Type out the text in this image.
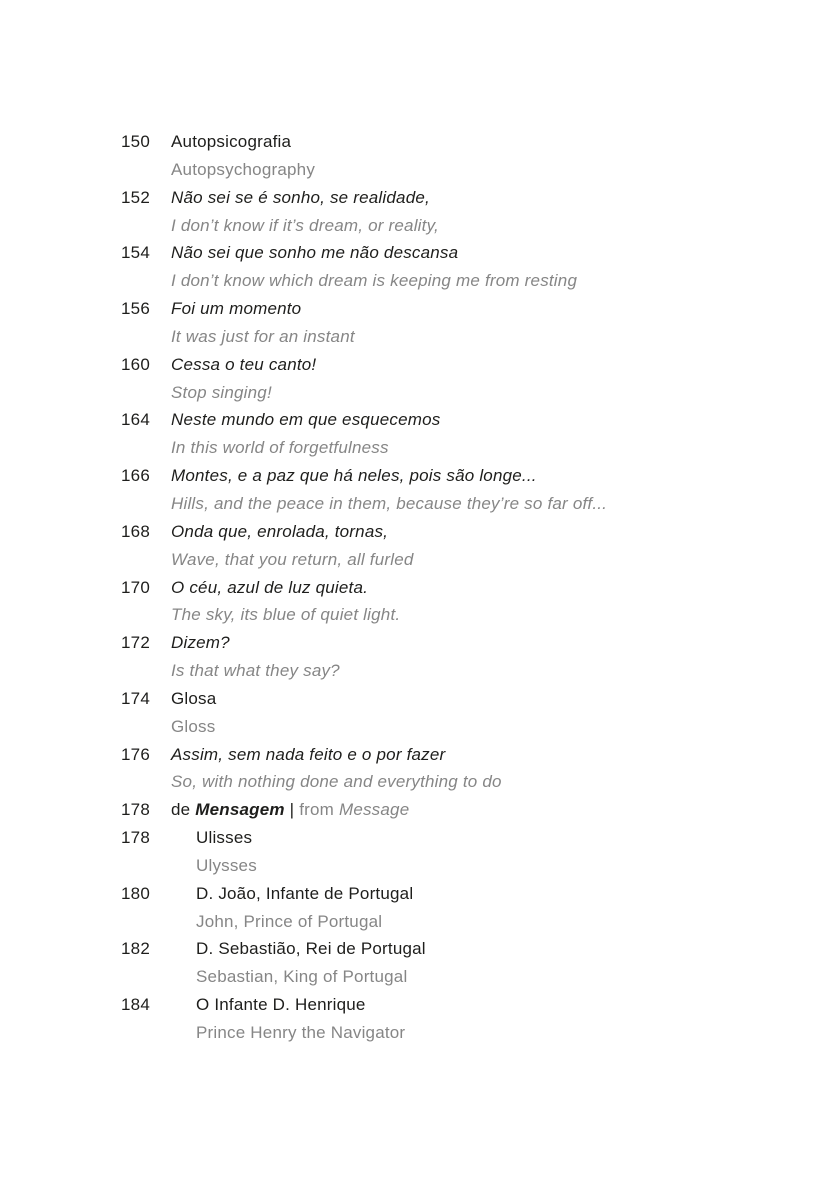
150	Autopsicografia
Autopsychography
152	Não sei se é sonho, se realidade,
I don’t know if it’s dream, or reality,
154	Não sei que sonho me não descansa
I don’t know which dream is keeping me from resting
156	Foi um momento
It was just for an instant
160	Cessa o teu canto!
Stop singing!
164	Neste mundo em que esquecemos
In this world of forgetfulness
166	Montes, e a paz que há neles, pois são longe...
Hills, and the peace in them, because they’re so far off...
168	Onda que, enrolada, tornas,
Wave, that you return, all furled
170	O céu, azul de luz quieta.
The sky, its blue of quiet light.
172	Dizem?
Is that what they say?
174	Glosa
Gloss
176	Assim, sem nada feito e o por fazer
So, with nothing done and everything to do
178	de Mensagem | from Message
178	Ulisses
Ulysses
180	D. João, Infante de Portugal
John, Prince of Portugal
182	D. Sebastião, Rei de Portugal
Sebastian, King of Portugal
184	O Infante D. Henrique
Prince Henry the Navigator
